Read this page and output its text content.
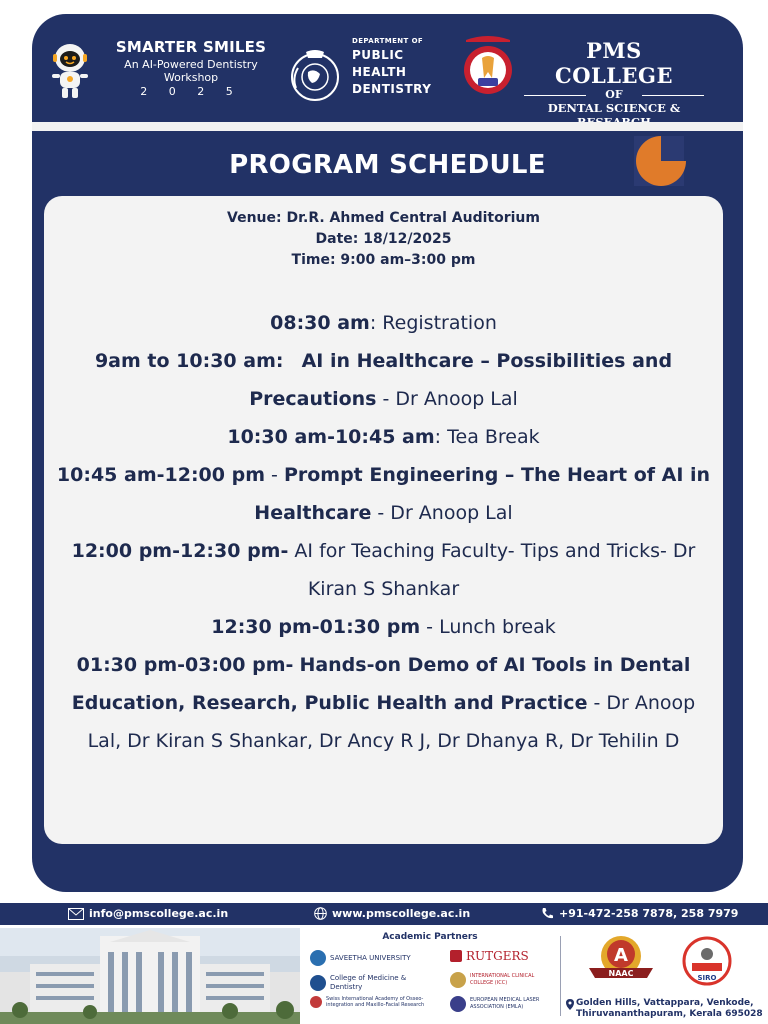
SMARTER SMILES
An AI-Powered Dentistry
Workshop
2 0 2 5
DEPARTMENT OF
PUBLIC
HEALTH
DENTISTRY
PMS COLLEGE
OF
DENTAL SCIENCE &
PROGRAM SCHEDULE
Venue: Dr.R. Ahmed Central Auditorium
Date: 18/12/2025
Time: 9:00 am–3:00 pm
08:30 am: Registration
9am to 10:30 am: AI in Healthcare – Possibilities and Precautions - Dr Anoop Lal
10:30 am-10:45 am: Tea Break
10:45 am-12:00 pm - Prompt Engineering – The Heart of AI in Healthcare - Dr Anoop Lal
12:00 pm-12:30 pm- AI for Teaching Faculty- Tips and Tricks- Dr Kiran S Shankar
12:30 pm-01:30 pm - Lunch break
01:30 pm-03:00 pm- Hands-on Demo of AI Tools in Dental Education, Research, Public Health and Practice - Dr Anoop Lal, Dr Kiran S Shankar, Dr Ancy R J, Dr Dhanya R, Dr Tehilin D
info@pmscollege.ac.in	www.pmscollege.ac.in	+91-472-258 7878, 258 7979
Academic Partners
SAVEETHA UNIVERSITY
College of Medicine & Dentistry
Swiss International Academy of Osseo-integration and Maxillo-Facial Research
RUTGERS
INTERNATIONAL CLINICAL COLLEGE (ICC)
EUROPEAN MEDICAL LASER ASSOCIATION (EMLA)
A
NAAC	SIRO
Golden Hills, Vattappara, Venkode,
Thiruvananthapuram, Kerala 695028
